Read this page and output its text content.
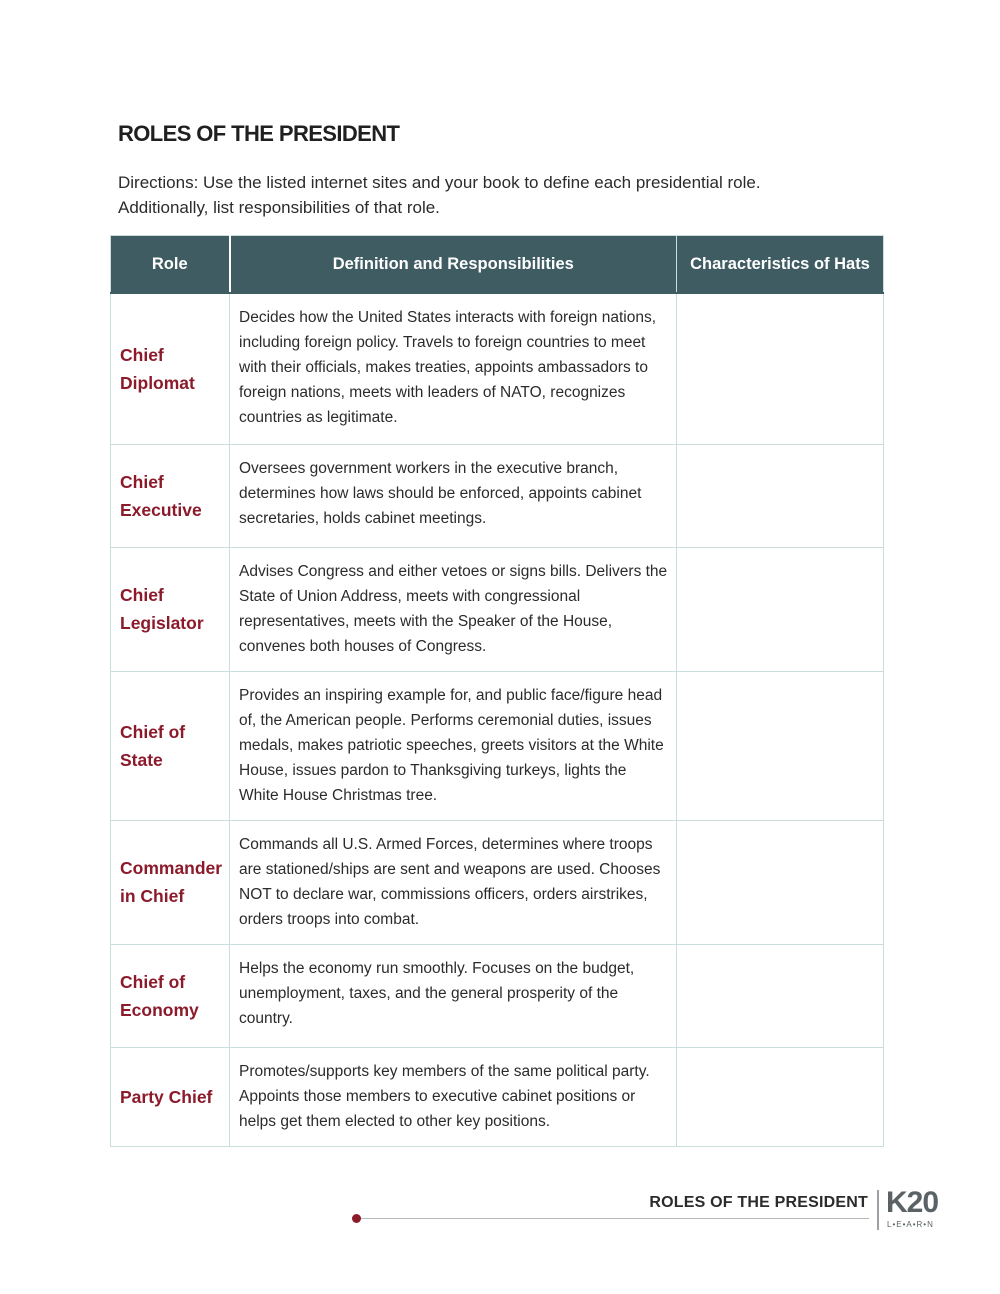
ROLES OF THE PRESIDENT

Directions: Use the listed internet sites and your book to define each presidential role.
Additionally, list responsibilities of that role.

Role	Definition and Responsibilities	Characteristics of Hats
Chief
Diplomat	Decides how the United States interacts with foreign nations, including foreign policy. Travels to foreign countries to meet with their officials, makes treaties, appoints ambassadors to foreign nations, meets with leaders of NATO, recognizes countries as legitimate.	
Chief
Executive	Oversees government workers in the executive branch, determines how laws should be enforced, appoints cabinet secretaries, holds cabinet meetings.	
Chief
Legislator	Advises Congress and either vetoes or signs bills. Delivers the State of Union Address, meets with congressional representatives, meets with the Speaker of the House, convenes both houses of Congress.	
Chief of
State	Provides an inspiring example for, and public face/figure head of, the American people. Performs ceremonial duties, issues medals, makes patriotic speeches, greets visitors at the White House, issues pardon to Thanksgiving turkeys, lights the White House Christmas tree.	
Commander
in Chief	Commands all U.S. Armed Forces, determines where troops are stationed/ships are sent and weapons are used. Chooses NOT to declare war, commissions officers, orders airstrikes, orders troops into combat.	
Chief of
Economy	Helps the economy run smoothly. Focuses on the budget, unemployment, taxes, and the general prosperity of the country.	
Party Chief	Promotes/supports key members of the same political party. Appoints those members to executive cabinet positions or helps get them elected to other key positions.	
ROLES OF THE PRESIDENT K20
L•E•A•R•N
